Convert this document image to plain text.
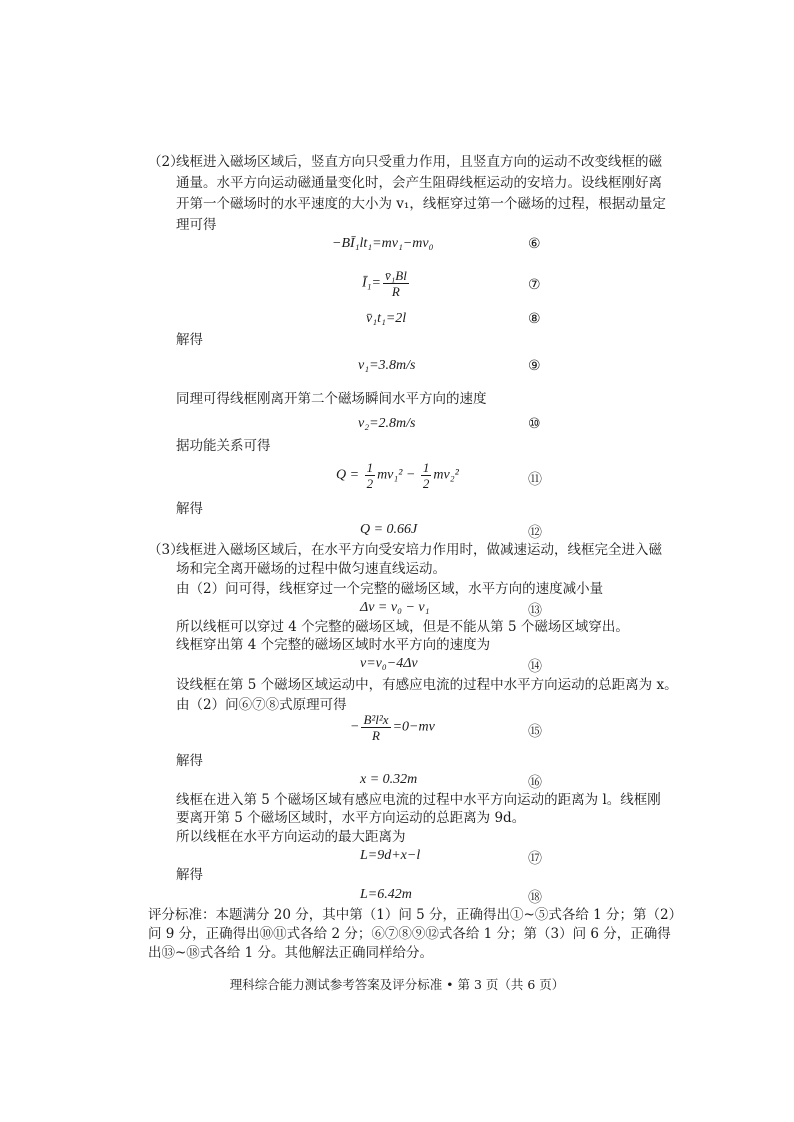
（2）
线框进入磁场区域后，竖直方向只受重力作用，且竖直方向的运动不改变线框的磁
通量。水平方向运动磁通量变化时，会产生阻碍线框运动的安培力。设线框刚好离
开第一个磁场时的水平速度的大小为 v₁，线框穿过第一个磁场的过程，根据动量定
理可得
−BĪ₁lt₁=mv₁−mv₀	⑥
Ī₁= $\frac{\text{v̄₁Bl}}{R}$	⑦
v̄₁t₁=2l	⑧
解得
v₁=3.8m/s	⑨
同理可得线框刚离开第二个磁场瞬间水平方向的速度
v₂=2.8m/s	⑩
据功能关系可得
$Q = \frac{1}{2} mv_1^2 - \frac{1}{2} mv_2^2$	⑪
解得
Q = 0.66J	⑫
（3）
线框进入磁场区域后，在水平方向受安培力作用时，做减速运动，线框完全进入磁
场和完全离开磁场的过程中做匀速直线运动。
由（2）问可得，线框穿过一个完整的磁场区域，水平方向的速度减小量
Δv = v₀ − v₁	⑬
所以线框可以穿过 4 个完整的磁场区域，但是不能从第 5 个磁场区域穿出。
线框穿出第 4 个完整的磁场区域时水平方向的速度为
v=v₀−4Δv	⑭
设线框在第 5 个磁场区域运动中，有感应电流的过程中水平方向运动的总距离为 x。
由（2）问⑥⑦⑧式原理可得
− $\frac{\text{B²l²x}}{R} =0-mv$	⑮
解得
x = 0.32m	⑯
线框在进入第 5 个磁场区域有感应电流的过程中水平方向运动的距离为 l。线框刚
要离开第 5 个磁场区域时，水平方向运动的总距离为 9d。
所以线框在水平方向运动的最大距离为
L=9d+x−l	⑰
解得
L=6.42m	⑱
评分标准：本题满分 20 分，其中第（1）问 5 分，正确得出①~⑤式各给 1 分；第（2）
问 9 分，正确得出⑩⑪式各给 2 分；⑥⑦⑧⑨⑫式各给 1 分；第（3）问 6 分，正确得
出⑬~⑱式各给 1 分。其他解法正确同样给分。
理科综合能力测试参考答案及评分标准 • 第 3 页（共 6 页）
